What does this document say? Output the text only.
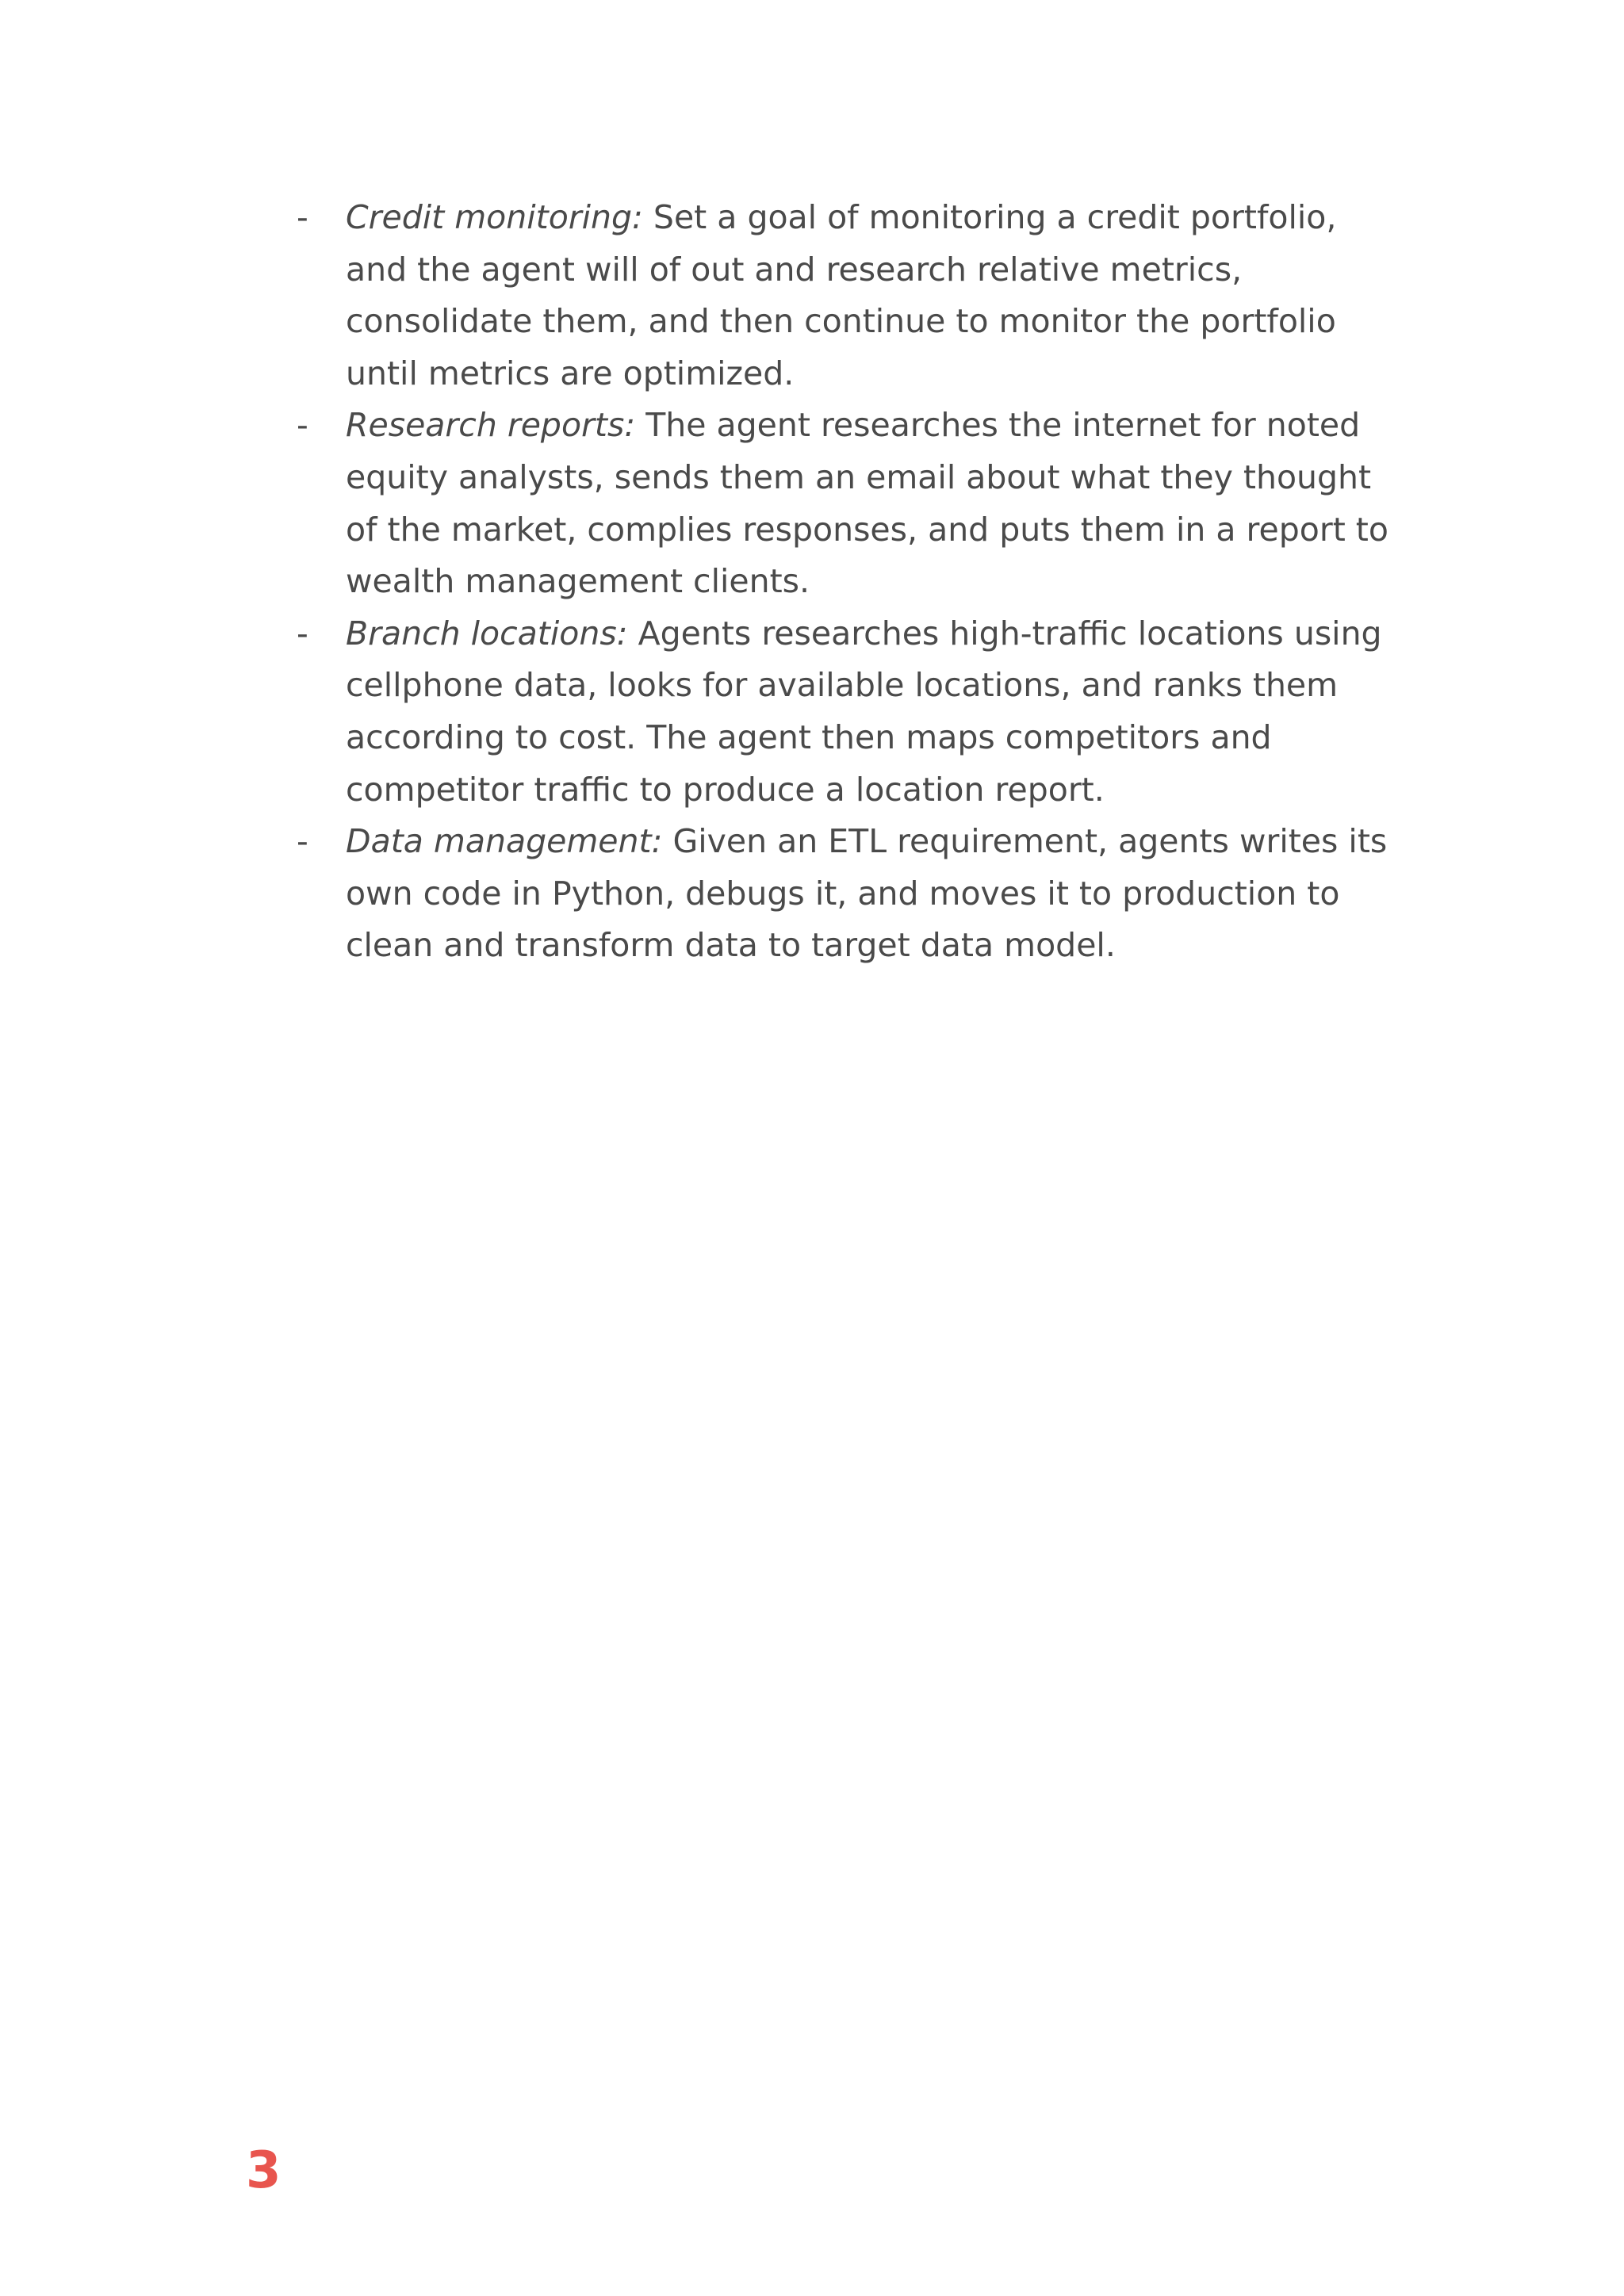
- Credit monitoring: Set a goal of monitoring a credit portfolio, and the agent will of out and research relative metrics, consolidate them, and then continue to monitor the portfolio until metrics are optimized.
- Research reports: The agent researches the internet for noted equity analysts, sends them an email about what they thought of the market, complies responses, and puts them in a report to wealth management clients.
- Branch locations: Agents researches high-traffic locations using cellphone data, looks for available locations, and ranks them according to cost. The agent then maps competitors and competitor traffic to produce a location report.
- Data management: Given an ETL requirement, agents writes its own code in Python, debugs it, and moves it to production to clean and transform data to target data model.
3
